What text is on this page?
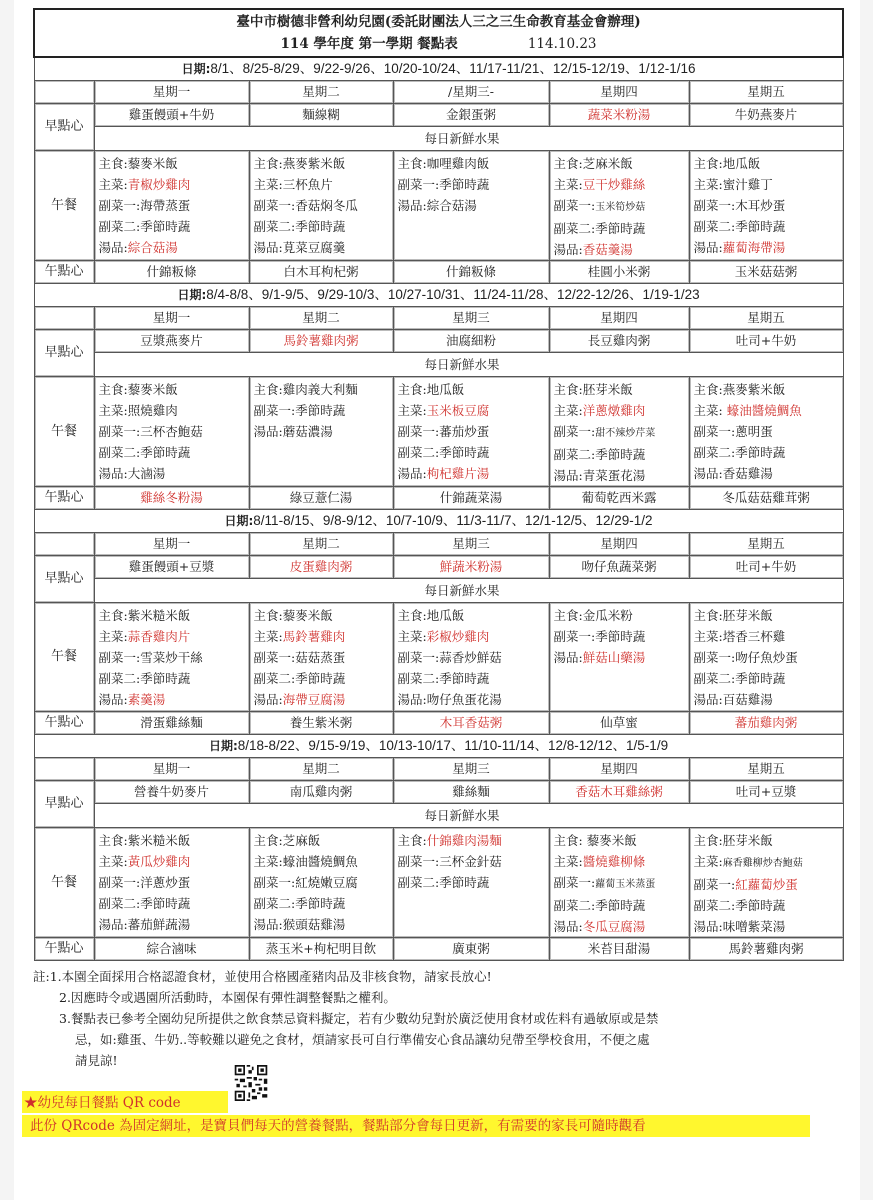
臺中市樹德非營利幼兒園(委託財團法人三之三生命教育基金會辦理)
114 學年度 第一學期 餐點表 114.10.23					

日期:8/1、8/25-8/29、9/22-9/26、10/20-10/24、11/17-11/21、12/15-12/19、1/12-1/16					
	星期一	星期二	/星期三-	星期四	星期五
早點心	雞蛋饅頭+牛奶	麵線糊	金銀蛋粥	蔬菜米粉湯	牛奶燕麥片
	每日新鮮水果				
午餐	主食:藜麥米飯
主菜:青椒炒雞肉
副菜一:海帶蒸蛋
副菜二:季節時蔬
湯品:綜合菇湯	主食:燕麥紫米飯
主菜:三杯魚片
副菜一:香菇焖冬瓜
副菜二:季節時蔬
湯品:莧菜豆腐羹	主食:咖哩雞肉飯
副菜一:季節時蔬
湯品:綜合菇湯	主食:芝麻米飯
主菜:豆干炒雞絲
副菜一:玉米筍炒菇
副菜二:季節時蔬
湯品:香菇羹湯	主食:地瓜飯
主菜:蜜汁雞丁
副菜一:木耳炒蛋
副菜二:季節時蔬
湯品:蘿蔔海帶湯

午點心	什錦粄條	白木耳枸杞粥	什錦粄條	桂圓小米粥	玉米菇菇粥
日期:8/4-8/8、9/1-9/5、9/29-10/3、10/27-10/31、11/24-11/28、12/22-12/26、1/19-1/23					
	星期一	星期二	星期三	星期四	星期五
早點心	豆漿燕麥片	馬鈴薯雞肉粥	油腐細粉	長豆雞肉粥	吐司+牛奶
	每日新鮮水果				
午餐	主食:藜麥米飯
主菜:照燒雞肉
副菜一:三杯杏鮑菇
副菜二:季節時蔬
湯品:大滷湯	主食:雞肉義大利麵
副菜一:季節時蔬
湯品:蘑菇濃湯	主食:地瓜飯
主菜:玉米板豆腐
副菜一:蕃茄炒蛋
副菜二:季節時蔬
湯品:枸杞雞片湯	主食:胚芽米飯
主菜:洋蔥燉雞肉
副菜一:甜不辣炒芹菜
副菜二:季節時蔬
湯品:青菜蛋花湯	主食:燕麥紫米飯
主菜: 蠔油醬燒鯛魚
副菜一:蔥明蛋
副菜二:季節時蔬
湯品:香菇雞湯

午點心	雞絲冬粉湯	綠豆薏仁湯	什錦蔬菜湯	葡萄乾西米露	冬瓜菇菇雞茸粥
日期:8/11-8/15、9/8-9/12、10/7-10/9、11/3-11/7、12/1-12/5、12/29-1/2					
	星期一	星期二	星期三	星期四	星期五
早點心	雞蛋饅頭+豆漿	皮蛋雞肉粥	鮮蔬米粉湯	吻仔魚蔬菜粥	吐司+牛奶
	每日新鮮水果				
午餐	主食:紫米糙米飯
主菜:蒜香雞肉片
副菜一:雪菜炒干絲
副菜二:季節時蔬
湯品:素羹湯	主食:藜麥米飯
主菜:馬鈴薯雞肉
副菜一:菇菇蒸蛋
副菜二:季節時蔬
湯品:海帶豆腐湯	主食:地瓜飯
主菜:彩椒炒雞肉
副菜一:蒜香炒鮮菇
副菜二:季節時蔬
湯品:吻仔魚蛋花湯	主食:金瓜米粉
副菜一:季節時蔬
湯品:鮮菇山藥湯	主食:胚芽米飯
主菜:塔香三杯雞
副菜一:吻仔魚炒蛋
副菜二:季節時蔬
湯品:百菇雞湯

午點心	滑蛋雞絲麵	養生紫米粥	木耳香菇粥	仙草蜜	蕃茄雞肉粥
日期:8/18-8/22、9/15-9/19、10/13-10/17、11/10-11/14、12/8-12/12、1/5-1/9					
	星期一	星期二	星期三	星期四	星期五
早點心	營養牛奶麥片	南瓜雞肉粥	雞絲麵	香菇木耳雞絲粥	吐司+豆漿
	每日新鮮水果				
午餐	主食:紫米糙米飯
主菜:黃瓜炒雞肉
副菜一:洋蔥炒蛋
副菜二:季節時蔬
湯品:蕃茄鮮蔬湯	主食:芝麻飯
主菜:蠔油醬燒鯛魚
副菜一:紅燒嫩豆腐
副菜二:季節時蔬
湯品:猴頭菇雞湯	主食:什錦雞肉湯麵
副菜一:三杯金針菇
副菜二:季節時蔬	主食: 藜麥米飯
主菜:醬燒雞柳條
副菜一:蘿蔔玉米蒸蛋
副菜二:季節時蔬
湯品:冬瓜豆腐湯	主食:胚芽米飯
主菜:麻香雞柳炒杏鮑菇
副菜一:紅蘿蔔炒蛋
副菜二:季節時蔬
湯品:味噌紫菜湯

午點心	綜合滷味	蒸玉米+枸杞明目飲	廣東粥	米苔目甜湯	馬鈴薯雞肉粥
註:1.本園全面採用合格認證食材，並使用合格國產豬肉品及非核食物，請家長放心!
2.因應時令或遇園所活動時，本園保有彈性調整餐點之權利。
3.餐點表已參考全園幼兒所提供之飲食禁忌資料擬定，若有少數幼兒對於廣泛使用食材或佐料有過敏原或是禁
忌，如:雞蛋、牛奶..等較難以避免之食材，煩請家長可自行準備安心食品讓幼兒帶至學校食用，不便之處
請見諒!
★幼兒每日餐點 QR code
此份 QRcode 為固定網址，是寶貝們每天的營養餐點，餐點部分會每日更新，有需要的家長可隨時觀看
